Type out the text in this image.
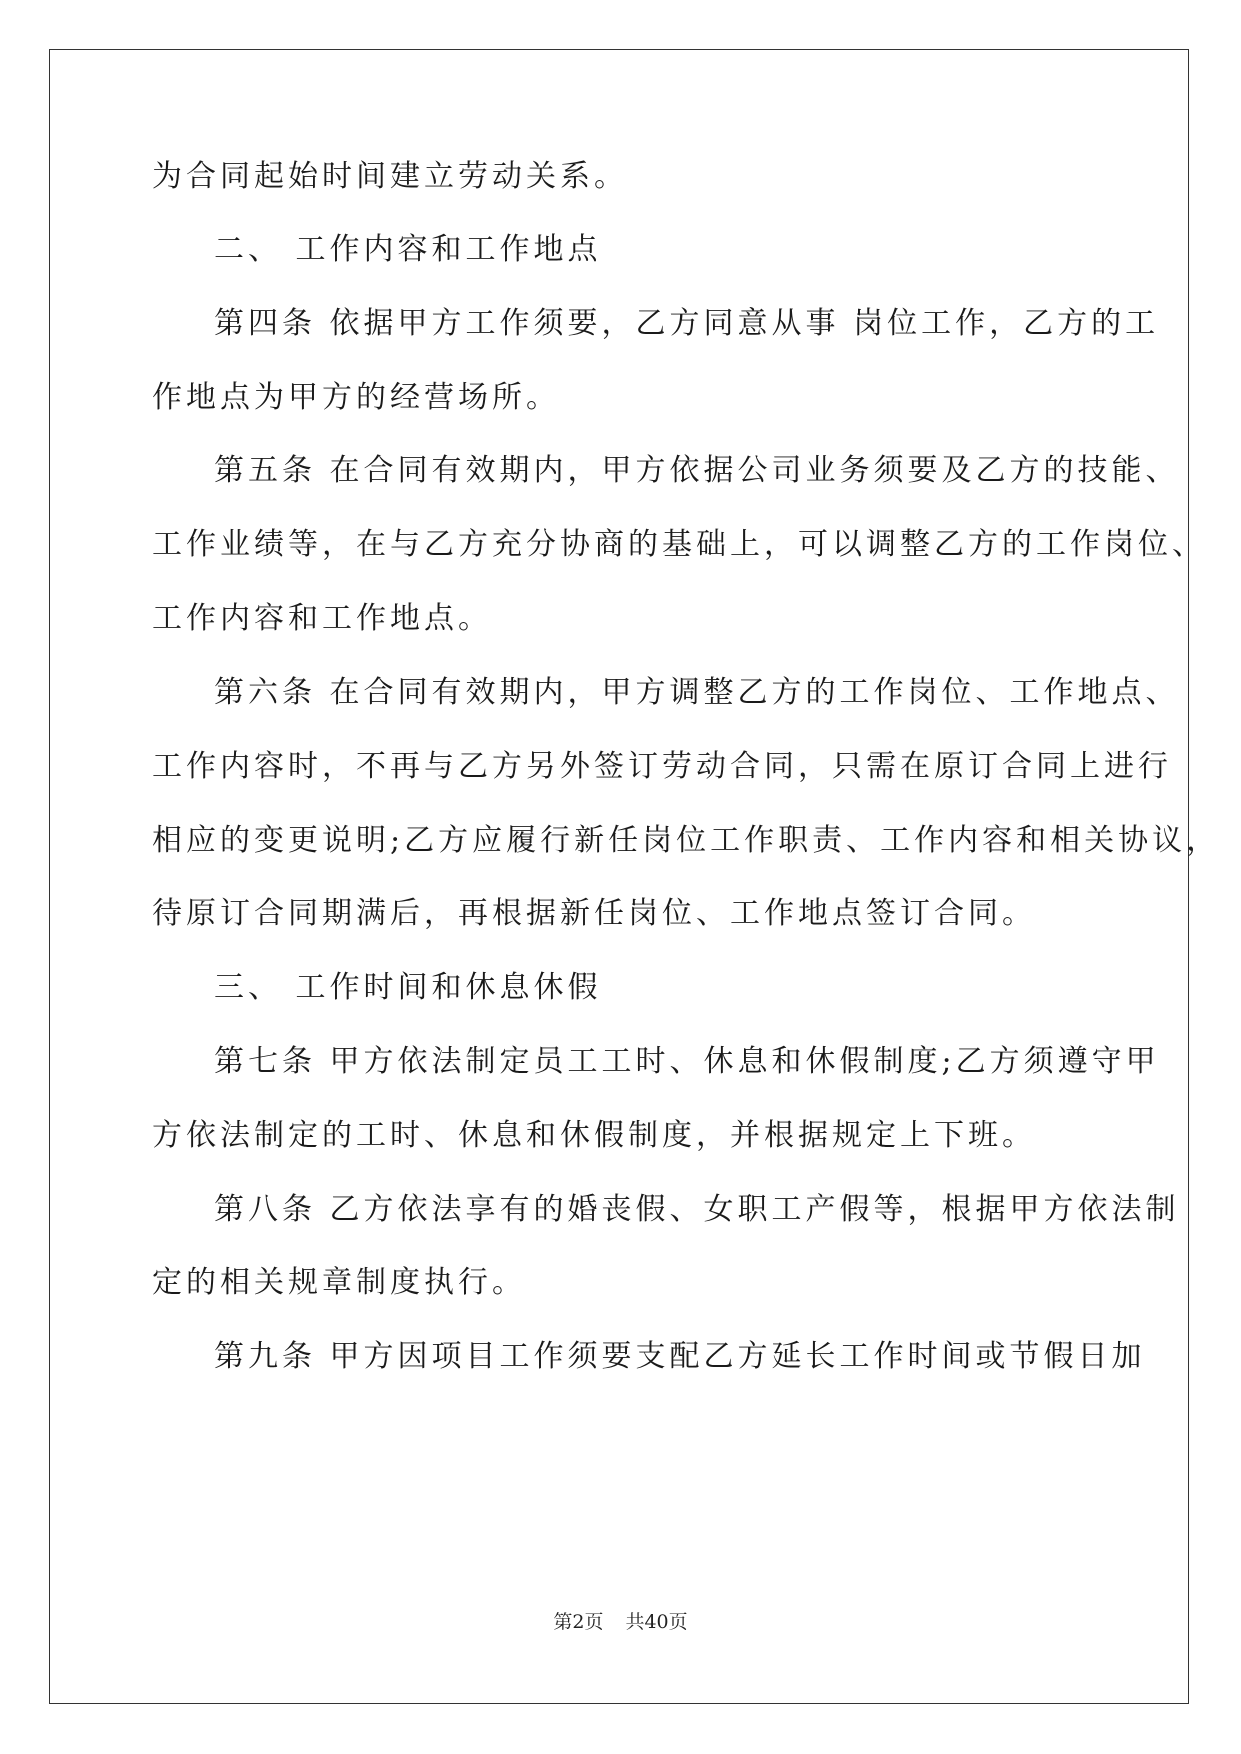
为合同起始时间建立劳动关系。
二、 工作内容和工作地点
第四条 依据甲方工作须要，乙方同意从事 岗位工作，乙方的工
作地点为甲方的经营场所。
第五条 在合同有效期内，甲方依据公司业务须要及乙方的技能、
工作业绩等，在与乙方充分协商的基础上，可以调整乙方的工作岗位、
工作内容和工作地点。
第六条 在合同有效期内，甲方调整乙方的工作岗位、工作地点、
工作内容时，不再与乙方另外签订劳动合同，只需在原订合同上进行
相应的变更说明;乙方应履行新任岗位工作职责、工作内容和相关协议，
待原订合同期满后，再根据新任岗位、工作地点签订合同。
三、 工作时间和休息休假
第七条 甲方依法制定员工工时、休息和休假制度;乙方须遵守甲
方依法制定的工时、休息和休假制度，并根据规定上下班。
第八条 乙方依法享有的婚丧假、女职工产假等，根据甲方依法制
定的相关规章制度执行。
第九条 甲方因项目工作须要支配乙方延长工作时间或节假日加
第2页 共40页
